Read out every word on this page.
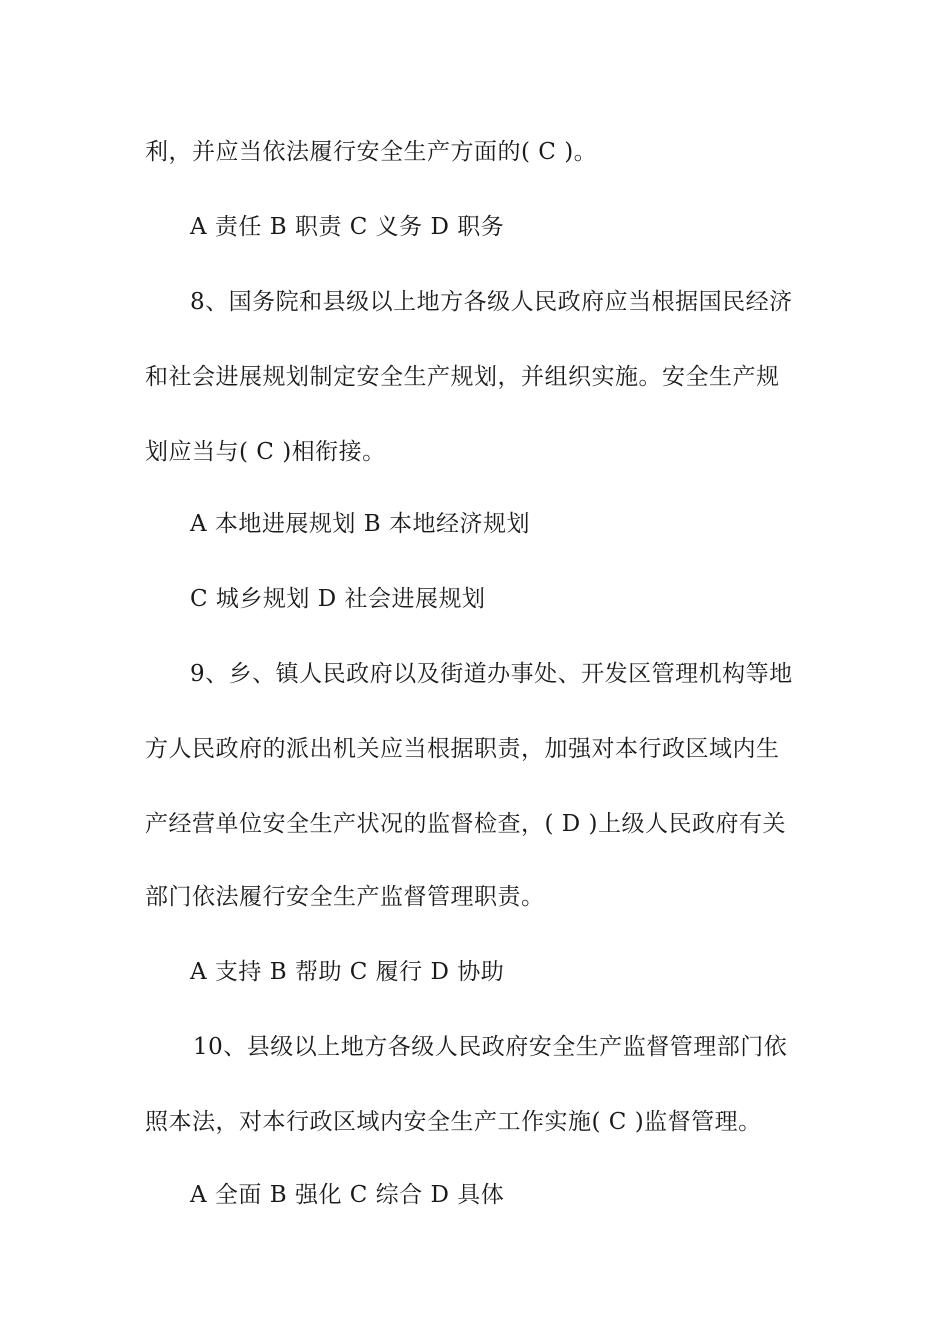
利，并应当依法履行安全生产方面的( C )。
A 责任 B 职责 C 义务 D 职务
8、国务院和县级以上地方各级人民政府应当根据国民经济
和社会进展规划制定安全生产规划，并组织实施。安全生产规
划应当与( C )相衔接。
A 本地进展规划 B 本地经济规划
C 城乡规划 D 社会进展规划
9、乡、镇人民政府以及街道办事处、开发区管理机构等地
方人民政府的派出机关应当根据职责，加强对本行政区域内生
产经营单位安全生产状况的监督检查，( D )上级人民政府有关
部门依法履行安全生产监督管理职责。
A 支持 B 帮助 C 履行 D 协助
10、县级以上地方各级人民政府安全生产监督管理部门依
照本法，对本行政区域内安全生产工作实施( C )监督管理。
A 全面 B 强化 C 综合 D 具体
